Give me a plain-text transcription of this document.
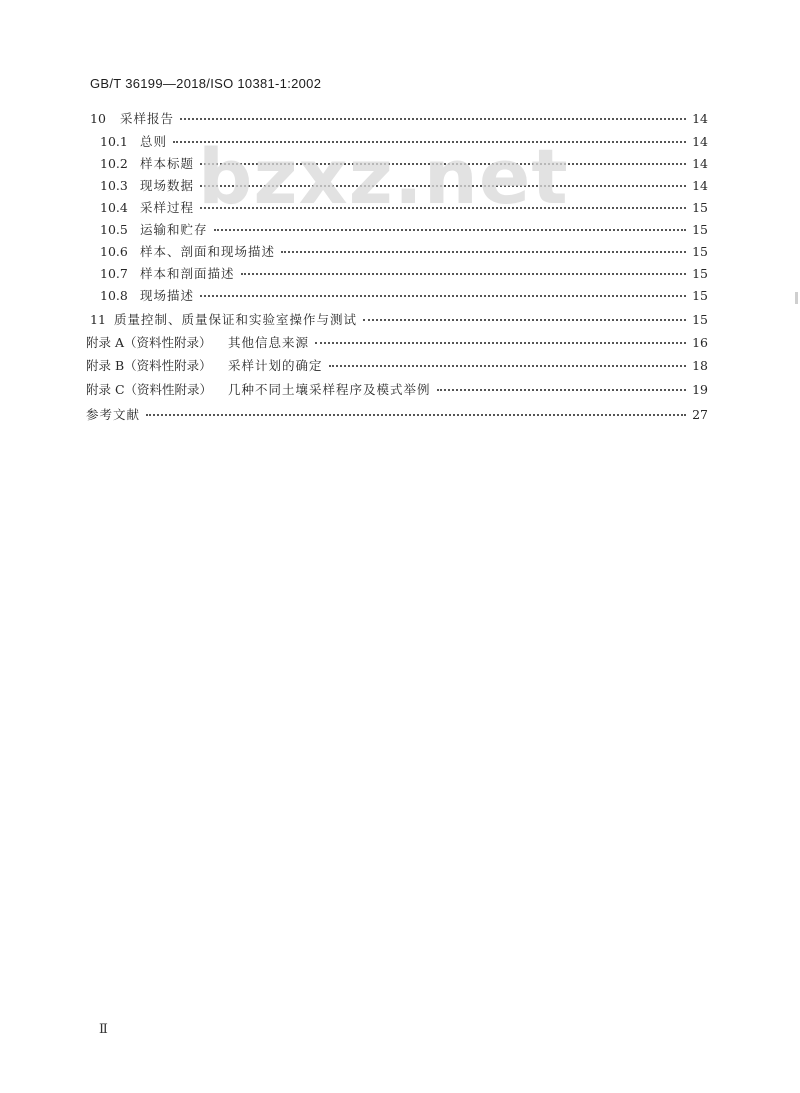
GB/T 36199—2018/ISO 10381-1:2002
10	采样报告	14
10.1 总则	14
10.2 样本标题	14
10.3 现场数据	14
10.4 采样过程	15
10.5 运输和贮存	15
10.6 样本、剖面和现场描述	15
10.7 样本和剖面描述	15
10.8 现场描述	15
11 质量控制、质量保证和实验室操作与测试	15
附录 A（资料性附录）	其他信息来源	16
附录 B（资料性附录）	采样计划的确定	18
附录 C（资料性附录）	几种不同土壤采样程序及模式举例	19
参考文献	27
bzxz.net
Ⅱ
